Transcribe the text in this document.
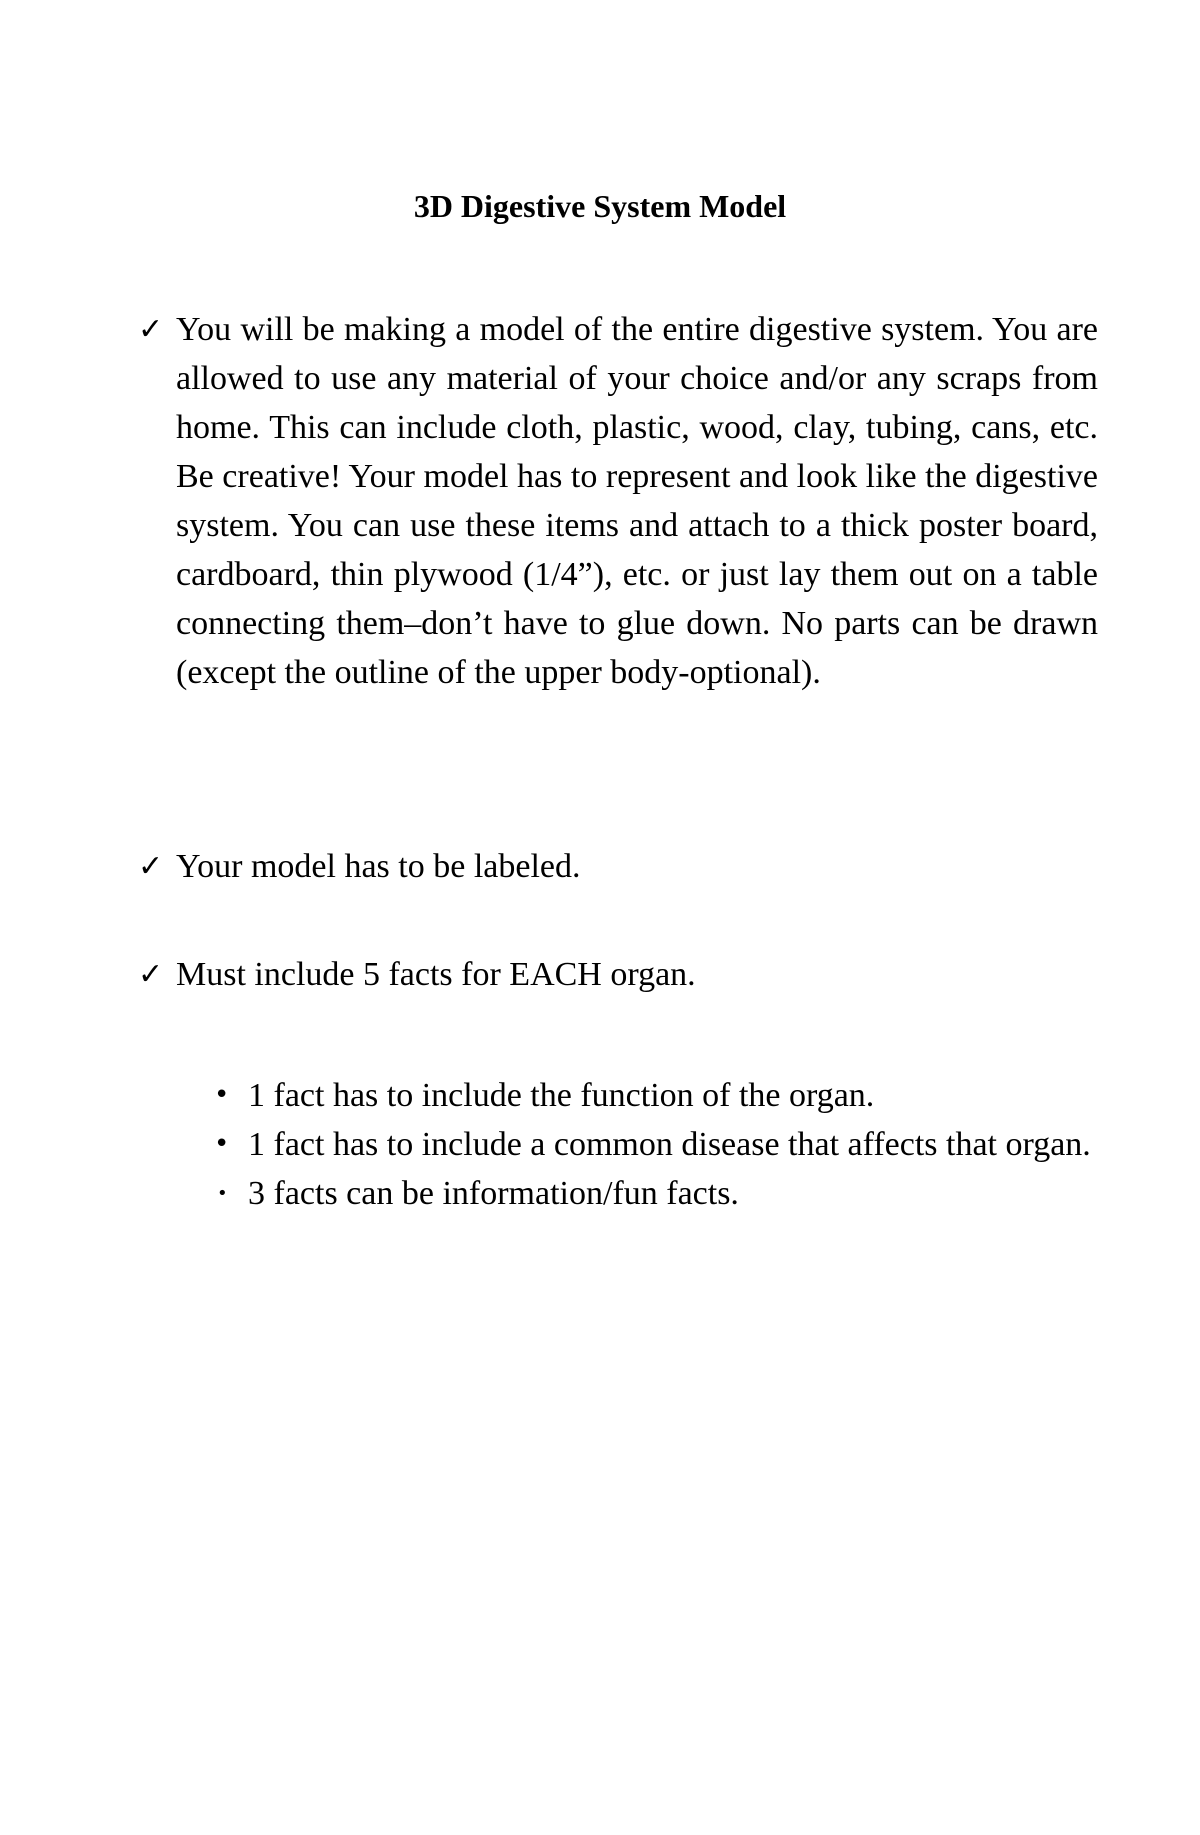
3D Digestive System Model
✓ You will be making a model of the entire digestive system. You are allowed to use any material of your choice and/or any scraps from home. This can include cloth, plastic, wood, clay, tubing, cans, etc. Be creative! Your model has to represent and look like the digestive system. You can use these items and attach to a thick poster board, cardboard, thin plywood (1/4”), etc. or just lay them out on a table connecting them–don’t have to glue down. No parts can be drawn (except the outline of the upper body-optional).

✓ Your model has to be labeled.

✓ Must include 5 facts for EACH organ.

• 1 fact has to include the function of the organ.
• 1 fact has to include a common disease that affects that organ.
• 3 facts can be information/fun facts.
